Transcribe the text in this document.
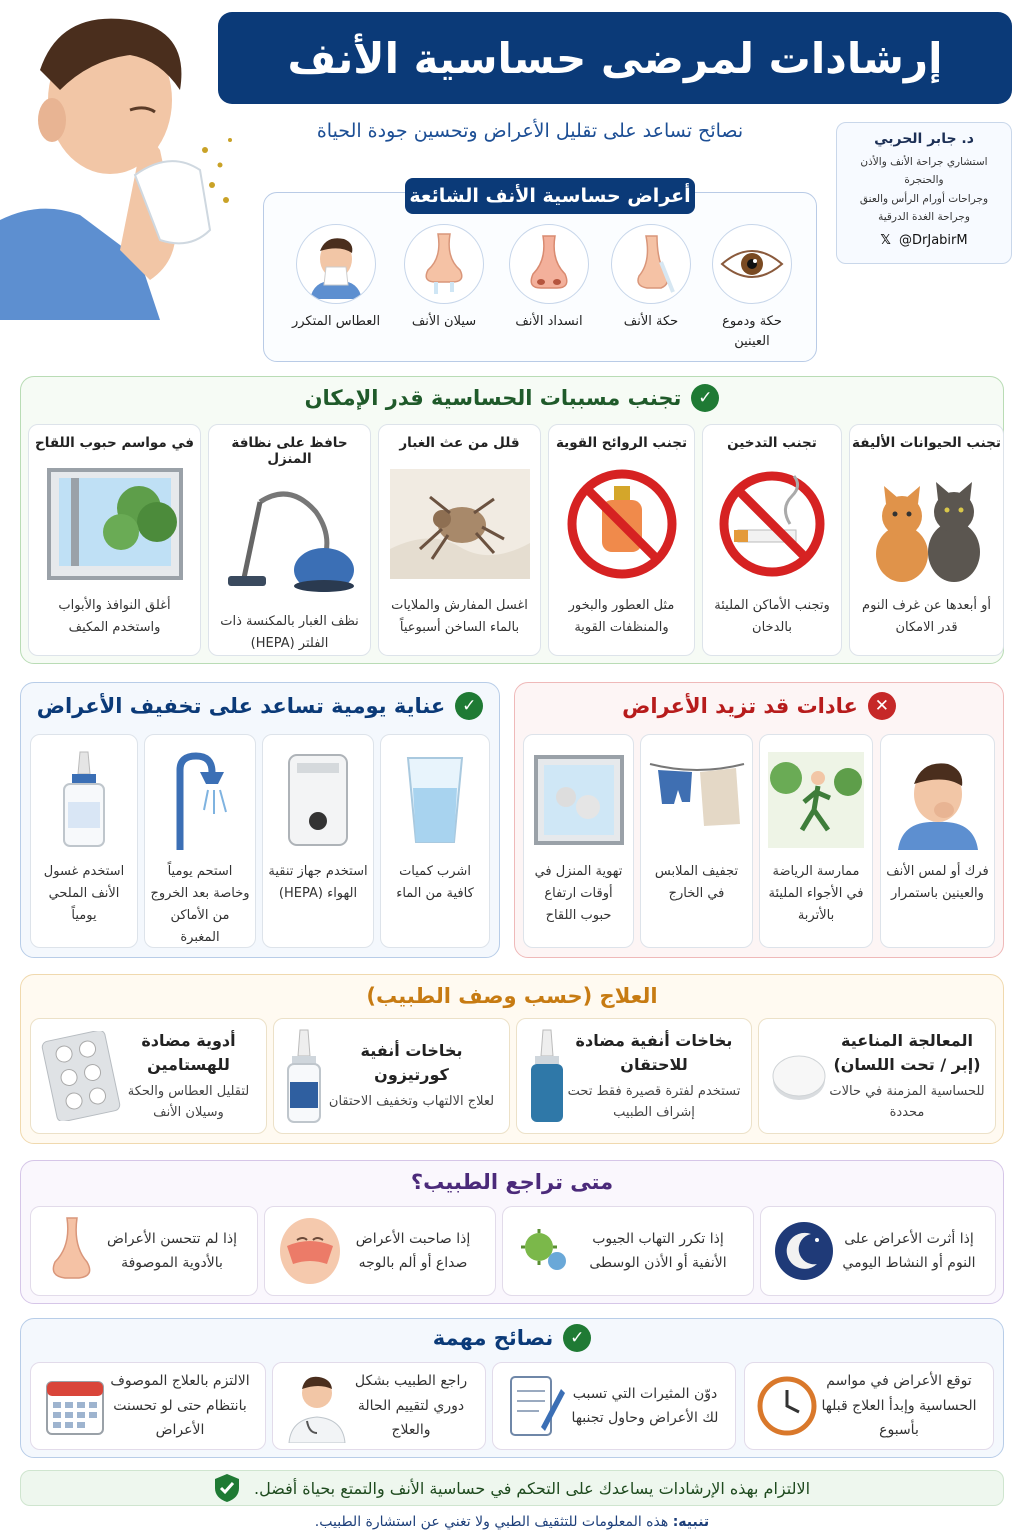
إرشادات لمرضى حساسية الأنف
نصائح تساعد على تقليل الأعراض وتحسين جودة الحياة	د. جابر الحربي
استشاري جراحة الأنف والأذن والحنجرة
وجراحات أورام الرأس والعنق
وجراحة الغدة الدرقية
𝕏 @DrJabirM
أعراض حساسية الأنف الشائعة
حكة ودموع العينين
حكة الأنف
انسداد الأنف
سيلان الأنف
العطاس المتكرر
✓
تجنب مسببات الحساسية قدر الإمكان
تجنب الحيوانات الأليفة
أو أبعدها عن غرف النوم قدر الامكان
تجنب التدخين
وتجنب الأماكن المليئة بالدخان
تجنب الروائح القوية
مثل العطور والبخور والمنظفات القوية
قلل من عث الغبار
اغسل المفارش والملايات بالماء الساخن أسبوعياً
حافظ على نظافة المنزل
نظف الغبار بالمكنسة ذات الفلتر (HEPA)
في مواسم حبوب اللقاح
أغلق النوافذ والأبواب واستخدم المكيف
✕
عادات قد تزيد الأعراض
فرك أو لمس الأنف والعينين باستمرار
ممارسة الرياضة في الأجواء المليئة بالأتربة
تجفيف الملابس في الخارج
تهوية المنزل في أوقات ارتفاع حبوب اللقاح
✓
عناية يومية تساعد على تخفيف الأعراض
اشرب كميات كافية من الماء
استخدم جهاز تنقية الهواء (HEPA)
استحم يومياً وخاصة بعد الخروج من الأماكن المغبرة
استخدم غسول الأنف الملحي يومياً
العلاج (حسب وصف الطبيب)
المعالجة المناعية (إبر / تحت اللسان)
للحساسية المزمنة في حالات محددة
بخاخات أنفية مضادة للاحتقان
تستخدم لفترة قصيرة فقط تحت إشراف الطبيب
بخاخات أنفية كورتيزون
لعلاج الالتهاب وتخفيف الاحتقان
أدوية مضادة للهستامين
لتقليل العطاس والحكة وسيلان الأنف
متى تراجع الطبيب؟
إذا أثرت الأعراض على النوم أو النشاط اليومي
إذا تكرر التهاب الجيوب الأنفية أو الأذن الوسطى
إذا صاحبت الأعراض صداع أو ألم بالوجه
إذا لم تتحسن الأعراض بالأدوية الموصوفة
✓
نصائح مهمة
توقع الأعراض في مواسم الحساسية وإبدأ العلاج قبلها بأسبوع
دوّن المثيرات التي تسبب لك الأعراض وحاول تجنبها
راجع الطبيب بشكل دوري لتقييم الحالة والعلاج
الالتزم بالعلاج الموصوف بانتظام حتى لو تحسنت الأعراض
الالتزام بهذه الإرشادات يساعدك على التحكم في حساسية الأنف والتمتع بحياة أفضل.
تنبيه: هذه المعلومات للتثقيف الطبي ولا تغني عن استشارة الطبيب.
